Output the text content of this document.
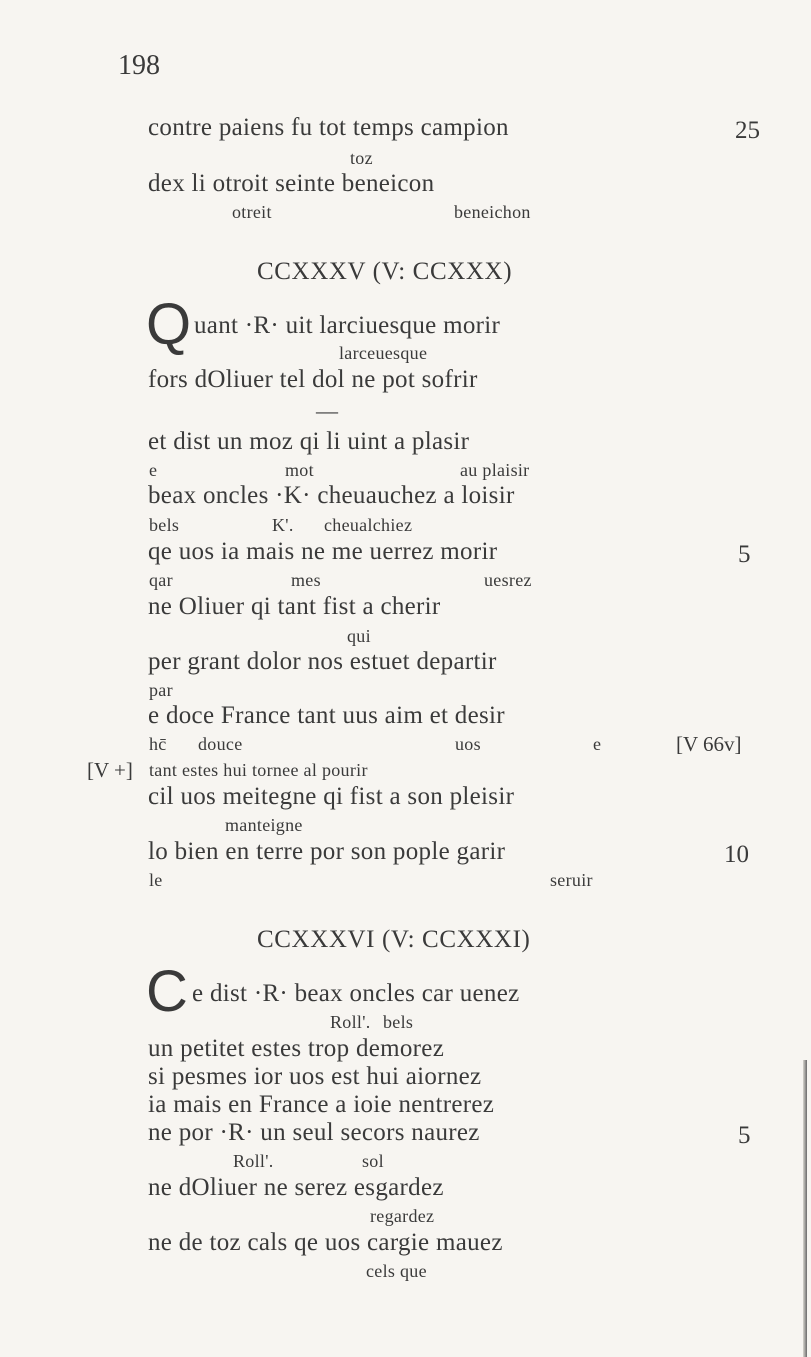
198
contre paiens fu tot temps campion	25
toz
dex li otroit seinte beneicon
otreit	beneichon
CCXXXV (V: CCXXX)
Q uant ·R· uit larciuesque morir
larceuesque
fors dOliuer tel dol ne pot sofrir
—
et dist un moz qi li uint a plasir
e	mot	au plaisir
beax oncles ·K· cheuauchez a loisir
bels	K'. cheualchiez
qe uos ia mais ne me uerrez morir	5
qar	mes	uesrez
ne Oliuer qi tant fist a cherir
qui
per grant dolor nos estuet departir
par
e doce France tant uus aim et desir
hc̄ douce	uos	e	[V 66v]
[V +] tant estes hui tornee al pourir
cil uos meitegne qi fist a son pleisir
manteigne
lo bien en terre por son pople garir	10
le	seruir
CCXXXVI (V: CCXXXI)
C e dist ·R· beax oncles car uenez
Roll'. bels
un petitet estes trop demorez
si pesmes ior uos est hui aiornez
ia mais en France a ioie nentrerez
ne por ·R· un seul secors naurez	5
Roll'.	sol
ne dOliuer ne serez esgardez
regardez
ne de toz cals qe uos cargie mauez
cels que
